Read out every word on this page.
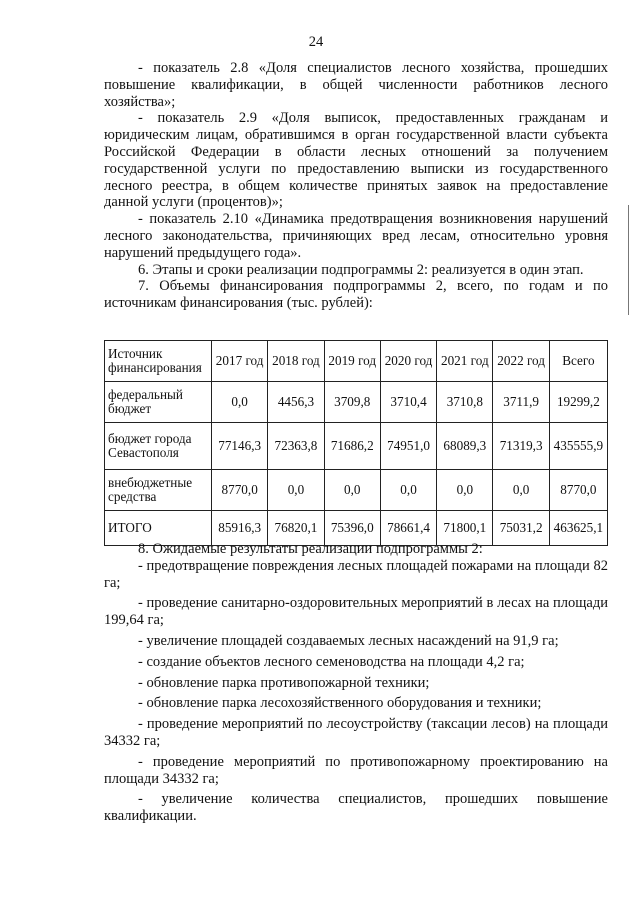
24

- показатель 2.8 «Доля специалистов лесного хозяйства, прошедших повышение квалификации, в общей численности работников лесного хозяйства»;

- показатель 2.9 «Доля выписок, предоставленных гражданам и юридическим лицам, обратившимся в орган государственной власти субъекта Российской Федерации в области лесных отношений за получением государственной услуги по предоставлению выписки из государственного лесного реестра, в общем количестве принятых заявок на предоставление данной услуги (процентов)»;

- показатель 2.10 «Динамика предотвращения возникновения нарушений лесного законодательства, причиняющих вред лесам, относительно уровня нарушений предыдущего года».

6. Этапы и сроки реализации подпрограммы 2: реализуется в один этап.

7. Объемы финансирования подпрограммы 2, всего, по годам и по источникам финансирования (тыс. рублей):

Источник финансирования	2017 год	2018 год	2019 год	2020 год	2021 год	2022 год	Всего
федеральный бюджет	0,0	4456,3	3709,8	3710,4	3710,8	3711,9	19299,2
бюджет города Севастополя	77146,3	72363,8	71686,2	74951,0	68089,3	71319,3	435555,9
внебюджетные средства	8770,0	0,0	0,0	0,0	0,0	0,0	8770,0
ИТОГО	85916,3	76820,1	75396,0	78661,4	71800,1	75031,2	463625,1

8. Ожидаемые результаты реализации подпрограммы 2:

- предотвращение повреждения лесных площадей пожарами на площади 82 га;

- проведение санитарно-оздоровительных мероприятий в лесах на площади 199,64 га;

- увеличение площадей создаваемых лесных насаждений на 91,9 га;

- создание объектов лесного семеноводства на площади 4,2 га;

- обновление парка противопожарной техники;

- обновление парка лесохозяйственного оборудования и техники;

- проведение мероприятий по лесоустройству (таксации лесов) на площади 34332 га;

- проведение мероприятий по противопожарному проектированию на площади 34332 га;

- увеличение количества специалистов, прошедших повышение квалификации.
